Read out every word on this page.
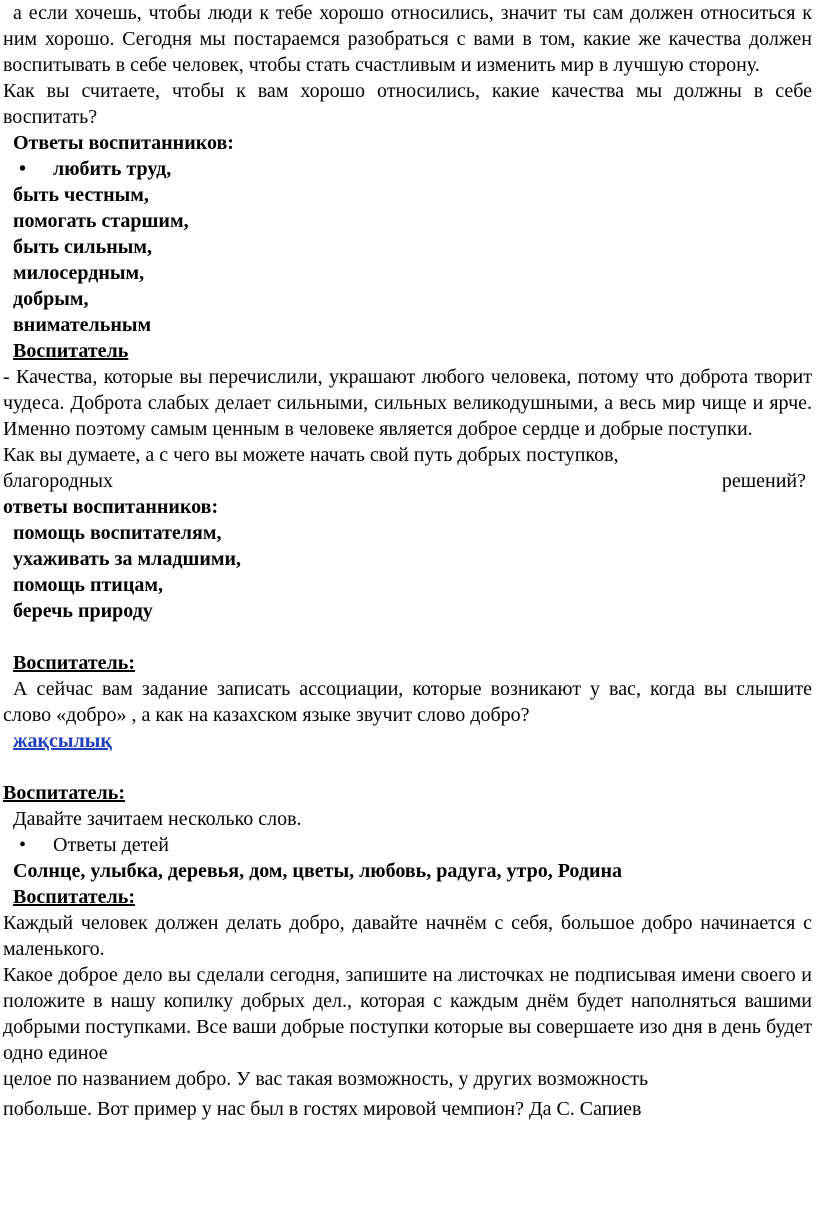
а если хочешь, чтобы люди к тебе хорошо относились, значит ты сам должен относиться к ним хорошо. Сегодня мы постараемся разобраться с вами в том, какие же качества должен воспитывать в себе человек, чтобы стать счастливым и изменить мир в лучшую сторону.

Как вы считаете, чтобы к вам хорошо относились, какие качества мы должны в себе воспитать?

Ответы воспитанников:

•	любить труд,

быть честным,

помогать старшим,

быть сильным,

милосердным,

добрым,

внимательным

Воспитатель

- Качества, которые вы перечислили, украшают любого человека, потому что доброта творит чудеса. Доброта слабых делает сильными, сильных великодушными, а весь мир чище и ярче. Именно поэтому самым ценным в человеке является доброе сердце и добрые поступки.

Как вы думаете, а с чего вы можете начать свой путь добрых поступков,

благородных	решений?

ответы воспитанников:

помощь воспитателям,

ухаживать за младшими,

помощь птицам,

беречь природу

Воспитатель:

А сейчас вам задание записать ассоциации, которые возникают у вас, когда вы слышите слово «добро» , а как на казахском языке звучит слово добро?

жақсылық

Воспитатель:

Давайте зачитаем несколько слов.

•	Ответы детей

Солнце, улыбка, деревья, дом, цветы, любовь, радуга, утро, Родина

Воспитатель:

Каждый человек должен делать добро, давайте начнём с себя, большое добро начинается с маленького.

Какое доброе дело вы сделали сегодня, запишите на листочках не подписывая имени своего и положите в нашу копилку добрых дел., которая с каждым днём будет наполняться вашими добрыми поступками. Все ваши добрые поступки которые вы совершаете изо дня в день будет одно единое

целое по названием добро. У вас такая возможность, у других возможность

побольше. Вот пример у нас был в гостях мировой чемпион? Да С. Сапиев
